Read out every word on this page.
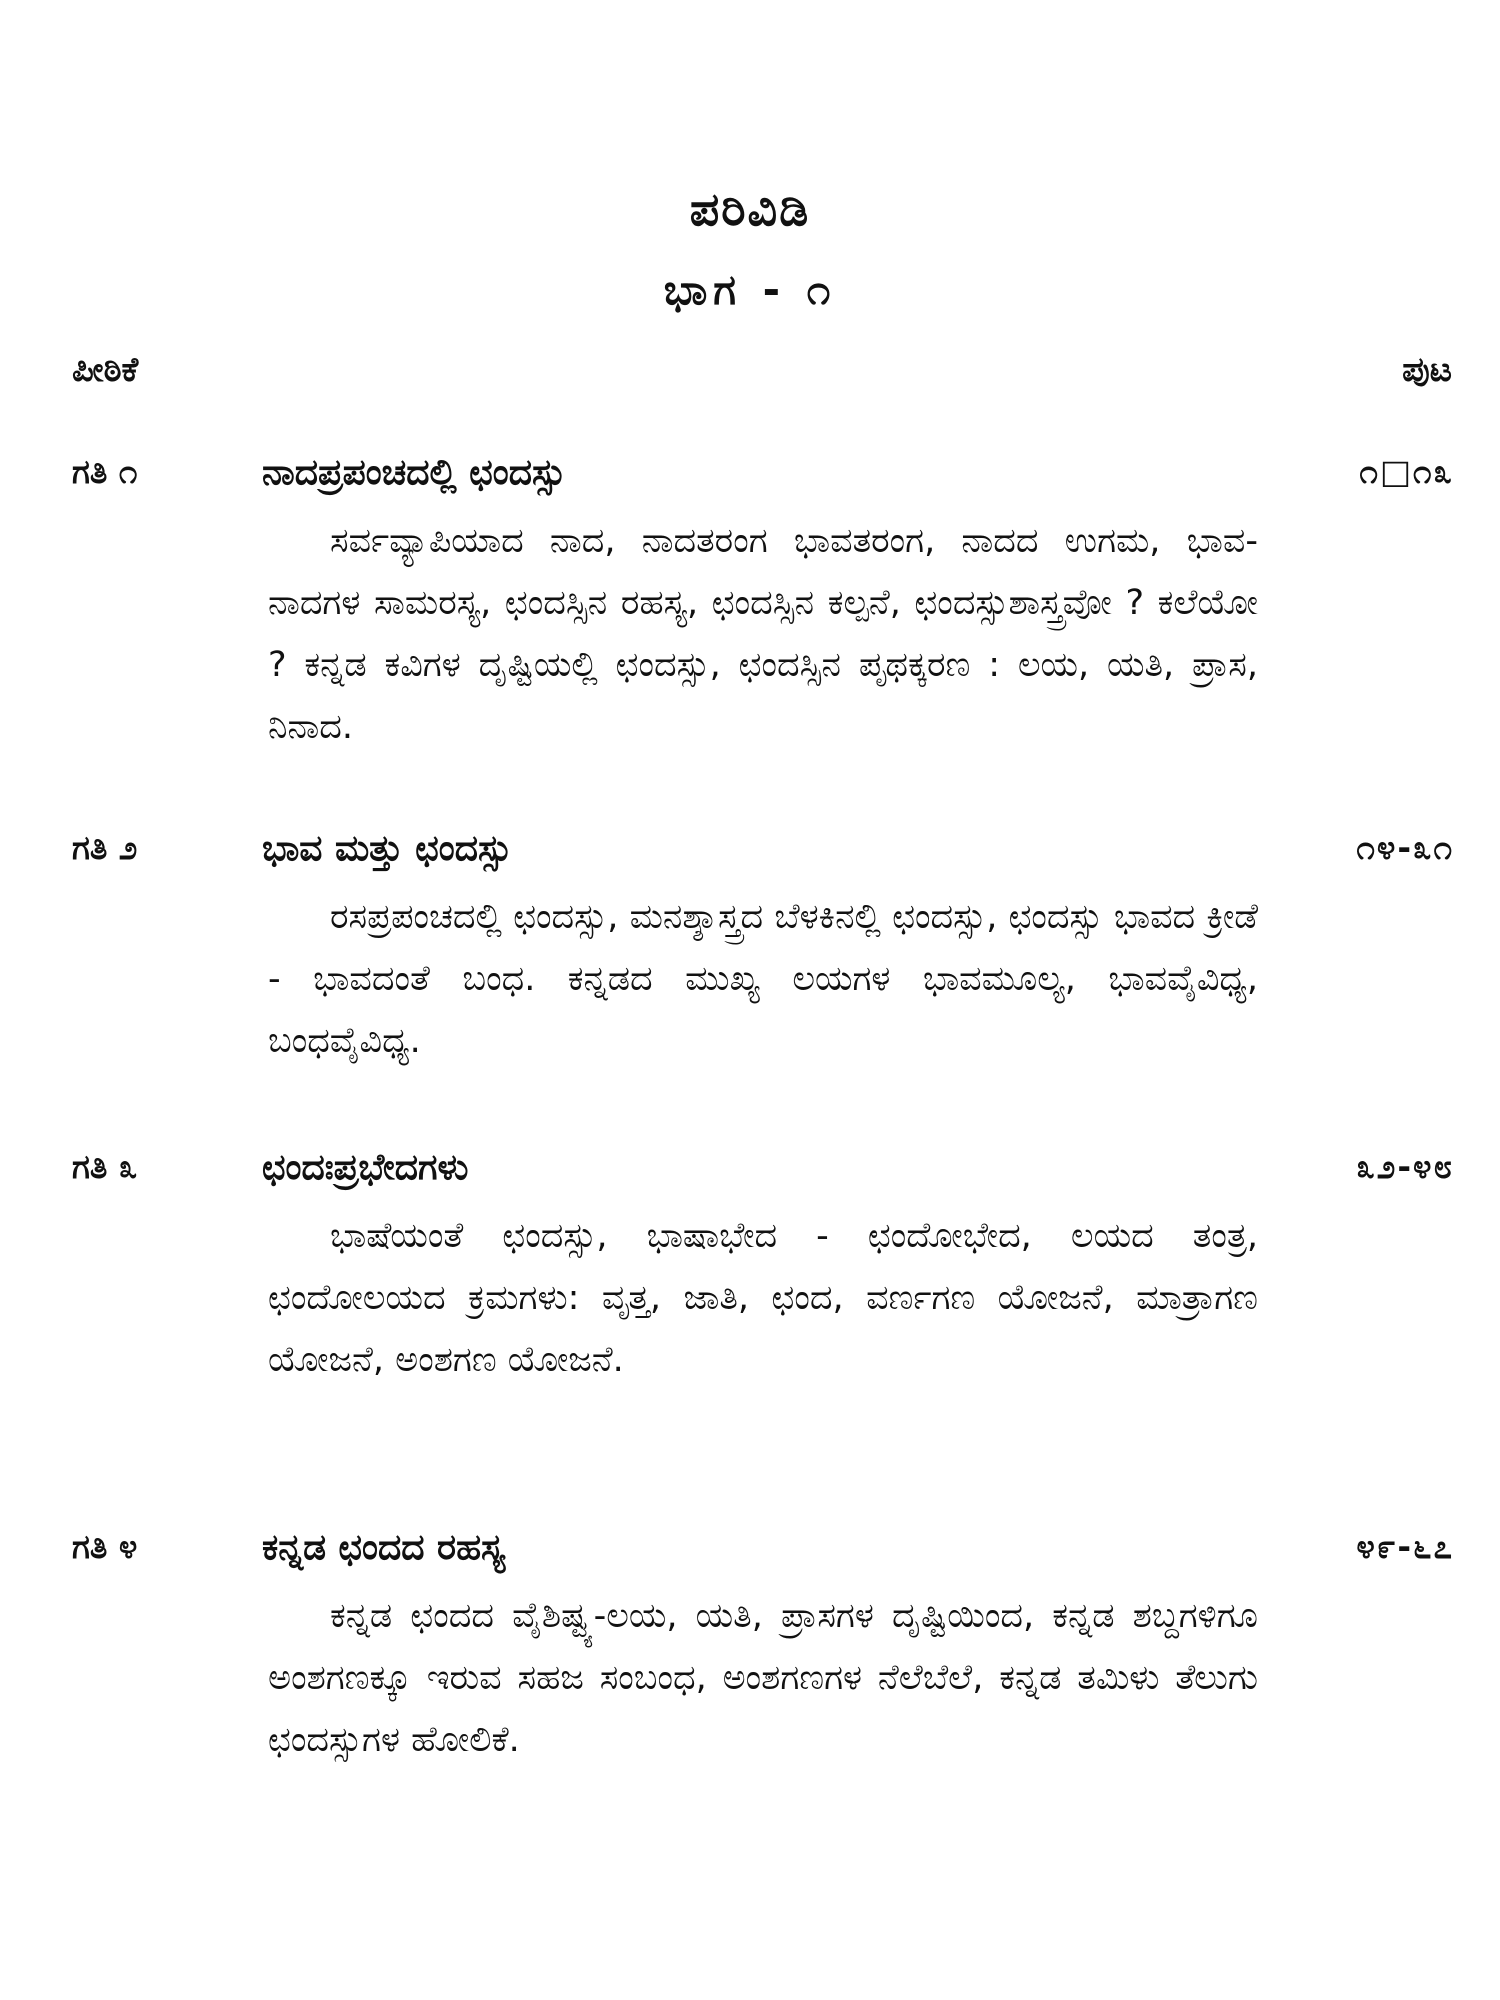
ಪರಿವಿಡಿ
ಭಾಗ - ೧
ಪೀಠಿಕೆ	ಪುಟ
ಗತಿ ೧	ನಾದಪ್ರಪಂಚದಲ್ಲಿ ಛಂದಸ್ಸು	೧□೧೩
ಸರ್ವವ್ಯಾಪಿಯಾದ ನಾದ, ನಾದತರಂಗ ಭಾವತರಂಗ, ನಾದದ ಉಗಮ, ಭಾವ-ನಾದಗಳ ಸಾಮರಸ್ಯ, ಛಂದಸ್ಸಿನ ರಹಸ್ಯ, ಛಂದಸ್ಸಿನ ಕಲ್ಪನೆ, ಛಂದಸ್ಸುಶಾಸ್ತ್ರವೋ ? ಕಲೆಯೋ ? ಕನ್ನಡ ಕವಿಗಳ ದೃಷ್ಟಿಯಲ್ಲಿ ಛಂದಸ್ಸು, ಛಂದಸ್ಸಿನ ಪೃಥಕ್ಕರಣ : ಲಯ, ಯತಿ, ಪ್ರಾಸ, ನಿನಾದ.
ಗತಿ ೨	ಭಾವ ಮತ್ತು ಛಂದಸ್ಸು	೧೪-೩೧
ರಸಪ್ರಪಂಚದಲ್ಲಿ ಛಂದಸ್ಸು, ಮನಶ್ಶಾಸ್ತ್ರದ ಬೆಳಕಿನಲ್ಲಿ ಛಂದಸ್ಸು, ಛಂದಸ್ಸು ಭಾವದ ಕ್ರೀಡೆ - ಭಾವದಂತೆ ಬಂಧ. ಕನ್ನಡದ ಮುಖ್ಯ ಲಯಗಳ ಭಾವಮೂಲ್ಯ, ಭಾವವೈವಿಧ್ಯ, ಬಂಧವೈವಿಧ್ಯ.
ಗತಿ ೩	ಛಂದಃಪ್ರಭೇದಗಳು	೩೨-೪೮
ಭಾಷೆಯಂತೆ ಛಂದಸ್ಸು, ಭಾಷಾಭೇದ - ಛಂದೋಭೇದ, ಲಯದ ತಂತ್ರ, ಛಂದೋಲಯದ ಕ್ರಮಗಳು: ವೃತ್ತ, ಜಾತಿ, ಛಂದ, ವರ್ಣಗಣ ಯೋಜನೆ, ಮಾತ್ರಾಗಣ ಯೋಜನೆ, ಅಂಶಗಣ ಯೋಜನೆ.
ಗತಿ ೪	ಕನ್ನಡ ಛಂದದ ರಹಸ್ಯ	೪೯-೬೭
ಕನ್ನಡ ಛಂದದ ವೈಶಿಷ್ಟ್ಯ-ಲಯ, ಯತಿ, ಪ್ರಾಸಗಳ ದೃಷ್ಟಿಯಿಂದ, ಕನ್ನಡ ಶಬ್ದಗಳಿಗೂ ಅಂಶಗಣಕ್ಕೂ ಇರುವ ಸಹಜ ಸಂಬಂಧ, ಅಂಶಗಣಗಳ ನೆಲೆಬೆಲೆ, ಕನ್ನಡ ತಮಿಳು ತೆಲುಗು ಛಂದಸ್ಸುಗಳ ಹೋಲಿಕೆ.
